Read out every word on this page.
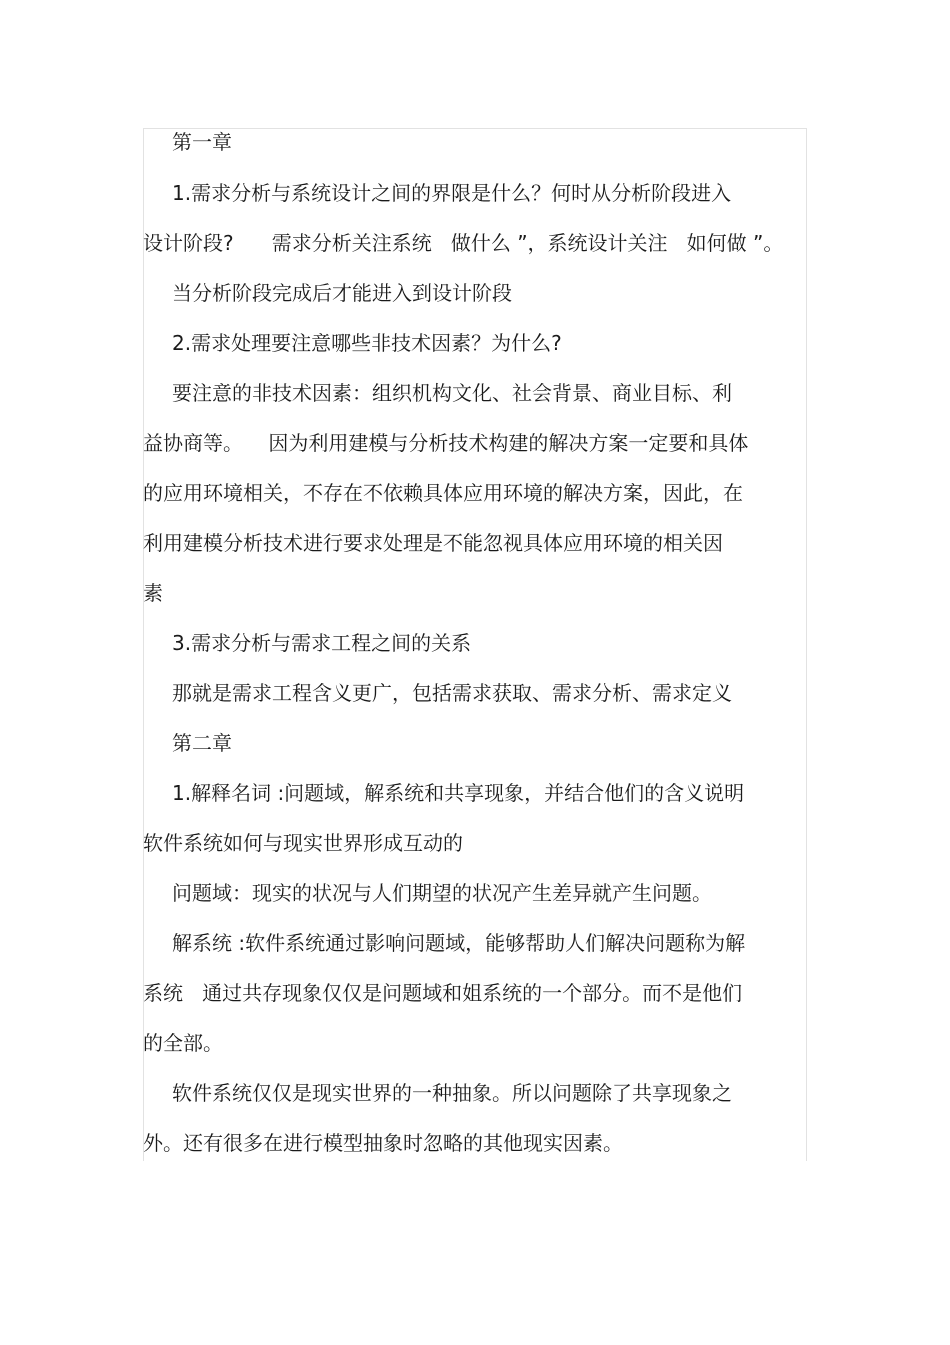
第一章
1.需求分析与系统设计之间的界限是什么？何时从分析阶段进入
设计阶段?      需求分析关注系统   做什么 ”，系统设计关注   如何做 ”。
当分析阶段完成后才能进入到设计阶段
2.需求处理要注意哪些非技术因素？为什么?
要注意的非技术因素：组织机构文化、社会背景、商业目标、利
益协商等。    因为利用建模与分析技术构建的解决方案一定要和具体
的应用环境相关，不存在不依赖具体应用环境的解决方案，因此，在
利用建模分析技术进行要求处理是不能忽视具体应用环境的相关因
素
3.需求分析与需求工程之间的关系
那就是需求工程含义更广，包括需求获取、需求分析、需求定义
第二章
1.解释名词 :问题域，解系统和共享现象，并结合他们的含义说明
软件系统如何与现实世界形成互动的
问题域：现实的状况与人们期望的状况产生差异就产生问题。
解系统 :软件系统通过影响问题域，能够帮助人们解决问题称为解
系统   通过共存现象仅仅是问题域和姐系统的一个部分。而不是他们
的全部。
软件系统仅仅是现实世界的一种抽象。所以问题除了共享现象之
外。还有很多在进行模型抽象时忽略的其他现实因素。
